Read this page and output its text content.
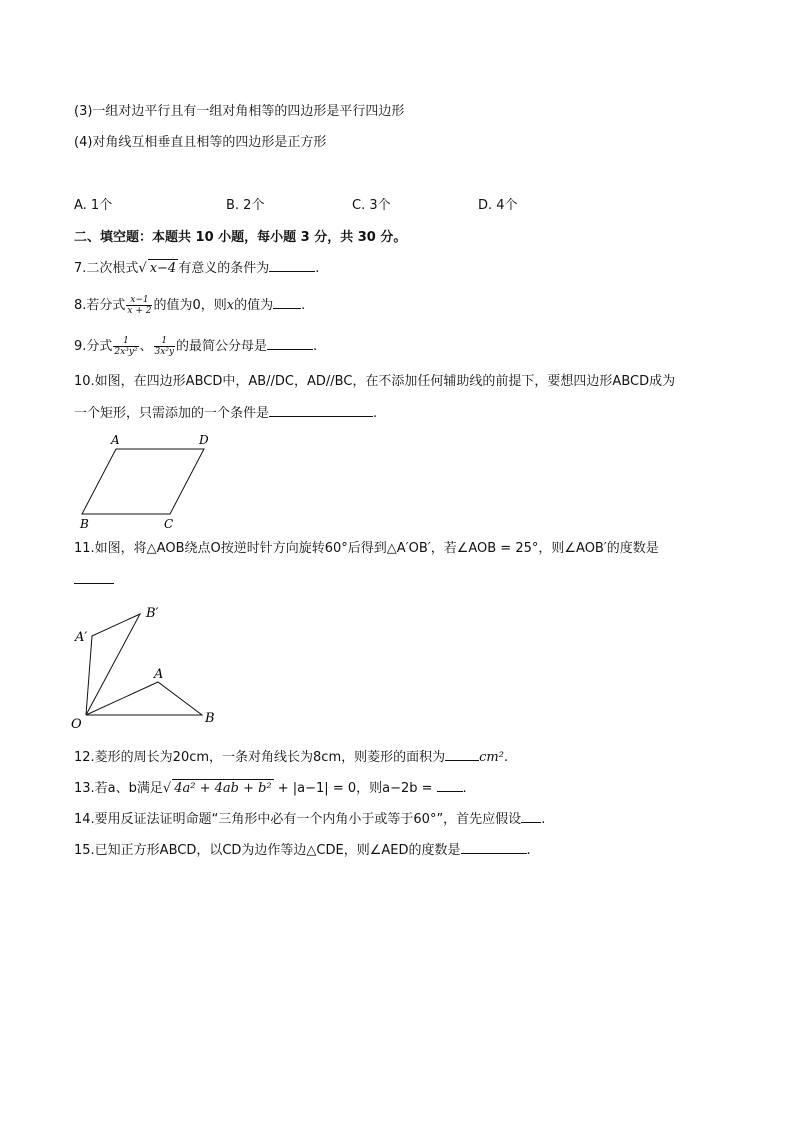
(3)一组对边平行且有一组对角相等的四边形是平行四边形
(4)对角线互相垂直且相等的四边形是正方形
A. 1个	B. 2个	C. 3个	D. 4个
二、填空题：本题共 10 小题，每小题 3 分，共 30 分。
7.二次根式√ x−4 有意义的条件为	.
8.若分式 $\frac{x-1}{x + 2}$ 的值为0，则x的值为 .
9.分式 $\frac{1}{\text{2x³y²}}$ 、 $\frac{1}{\text{3x²y}}$ 的最简公分母是	.
10.如图，在四边形ABCD中，AB//DC，AD//BC，在不添加任何辅助线的前提下，要想四边形ABCD成为
一个矩形，只需添加的一个条件是	.
A	D
B	C
11.如图，将△AOB绕点O按逆时针方向旋转60°后得到△A′OB′，若∠AOB = 25°，则∠AOB′的度数是
O
A
B
A′
B′
12.菱形的周长为20cm，一条对角线长为8cm，则菱形的面积为	cm².
13.若a、b满足√ 4a² + 4ab + b² + |a−1| = 0，则a−2b = .
14.要用反证法证明命题“三角形中必有一个内角小于或等于60°”，首先应假设 .
15.已知正方形ABCD，以CD为边作等边△CDE，则∠AED的度数是	.
